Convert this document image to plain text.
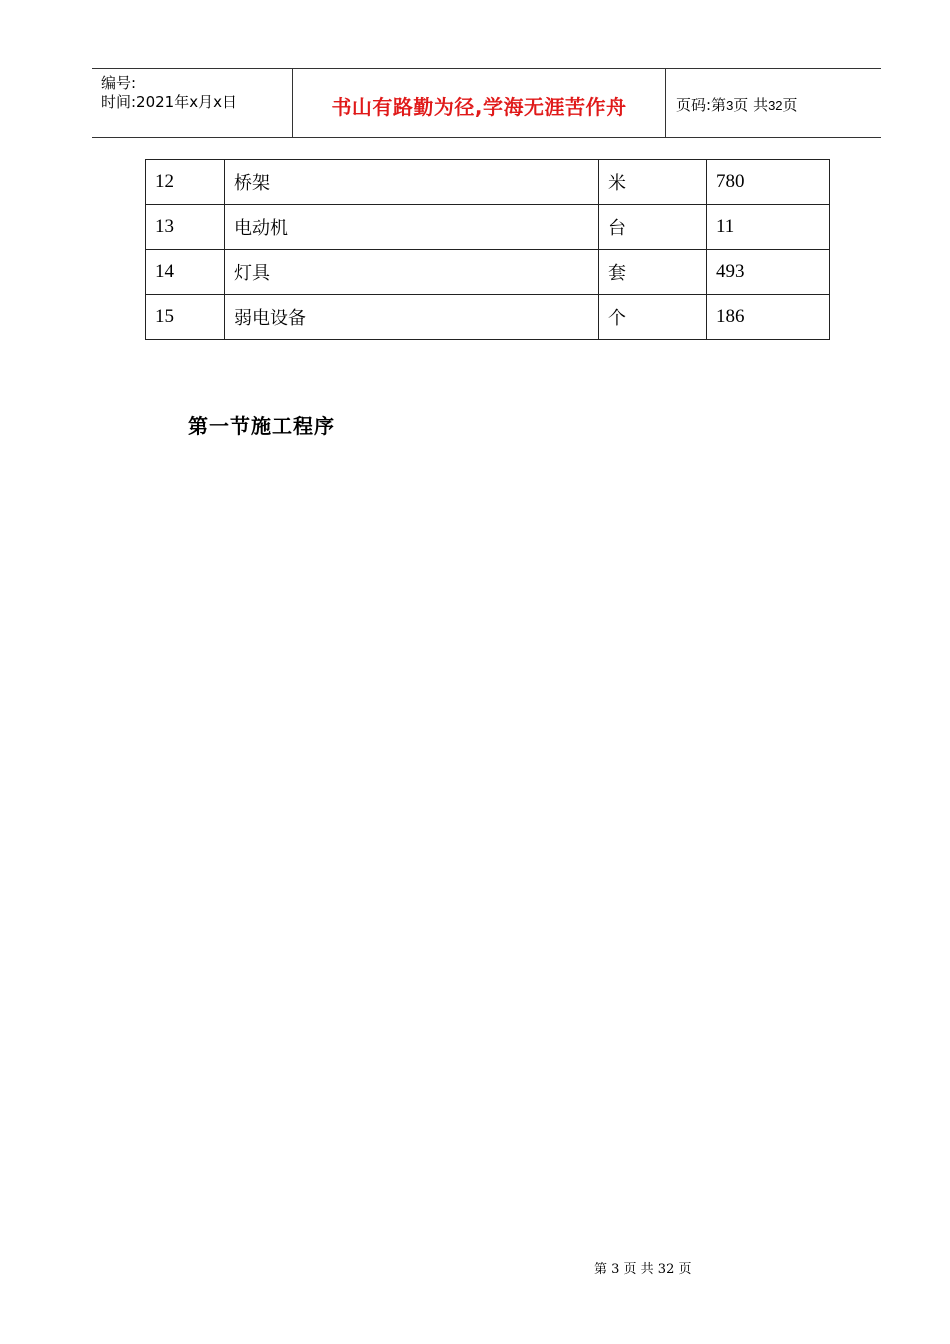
编号:
时间:2021年x月x日	书山有路勤为径,学海无涯苦作舟	页码:第3页 共32页
12	桥架	米	780
13	电动机	台	11
14	灯具	套	493
15	弱电设备	个	186
第一节施工程序
第 3 页 共 32 页
